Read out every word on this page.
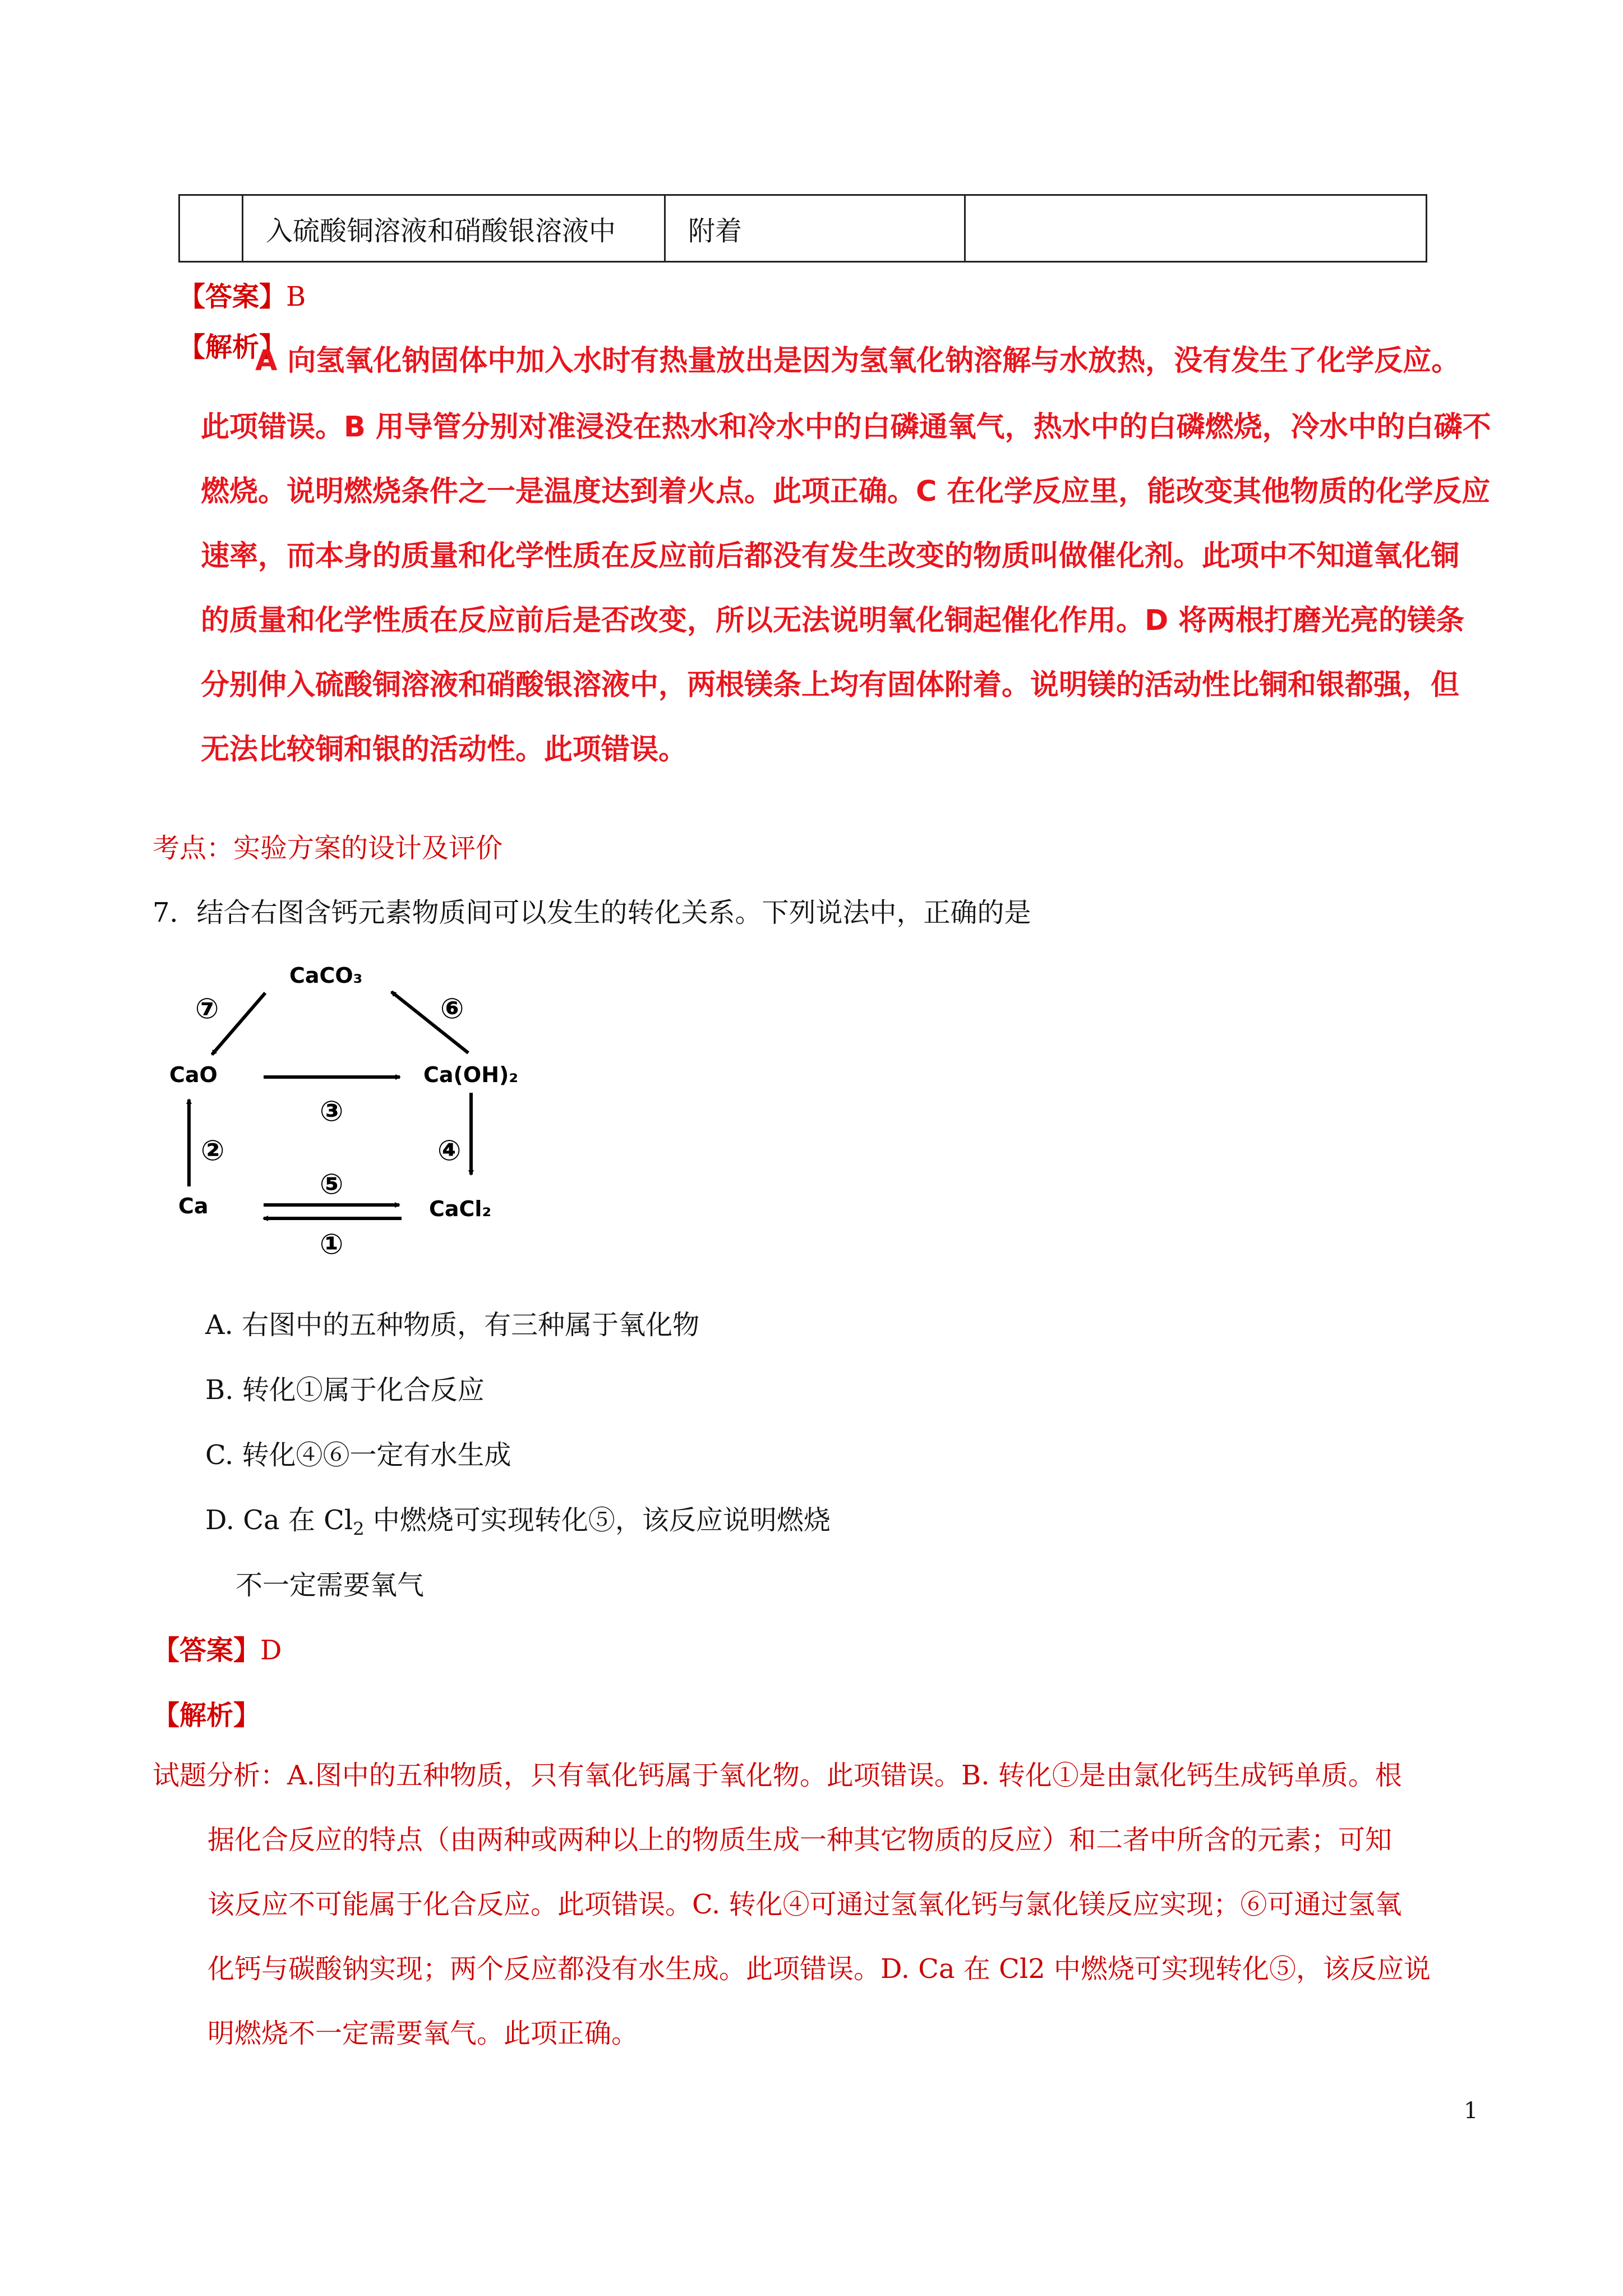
	入硫酸铜溶液和硝酸银溶液中	附着	
【答案】B
【解析】
A 向氢氧化钠固体中加入水时有热量放出是因为氢氧化钠溶解与水放热，没有发生了化学反应。
此项错误。B 用导管分别对准浸没在热水和冷水中的白磷通氧气，热水中的白磷燃烧，冷水中的白磷不
燃烧。说明燃烧条件之一是温度达到着火点。此项正确。C 在化学反应里，能改变其他物质的化学反应
速率，而本身的质量和化学性质在反应前后都没有发生改变的物质叫做催化剂。此项中不知道氧化铜
的质量和化学性质在反应前后是否改变，所以无法说明氧化铜起催化作用。D 将两根打磨光亮的镁条
分别伸入硫酸铜溶液和硝酸银溶液中，两根镁条上均有固体附着。说明镁的活动性比铜和银都强，但
无法比较铜和银的活动性。此项错误。
考点：实验方案的设计及评价
7．结合右图含钙元素物质间可以发生的转化关系。下列说法中，正确的是
CaCO₃
CaO	Ca(OH)₂
Ca	CaCl₂
⑦	⑥
③
②	④
⑤
①
A. 右图中的五种物质，有三种属于氧化物
B. 转化①属于化合反应
C. 转化④⑥一定有水生成
D. Ca 在 $Cl_2$ 中燃烧可实现转化⑤，该反应说明燃烧
不一定需要氧气
【答案】D
【解析】
试题分析：A.图中的五种物质，只有氧化钙属于氧化物。此项错误。B. 转化①是由氯化钙生成钙单质。根
据化合反应的特点（由两种或两种以上的物质生成一种其它物质的反应）和二者中所含的元素；可知
该反应不可能属于化合反应。此项错误。C. 转化④可通过氢氧化钙与氯化镁反应实现；⑥可通过氢氧
化钙与碳酸钠实现；两个反应都没有水生成。此项错误。D. Ca 在 Cl2 中燃烧可实现转化⑤，该反应说
明燃烧不一定需要氧气。此项正确。
1
